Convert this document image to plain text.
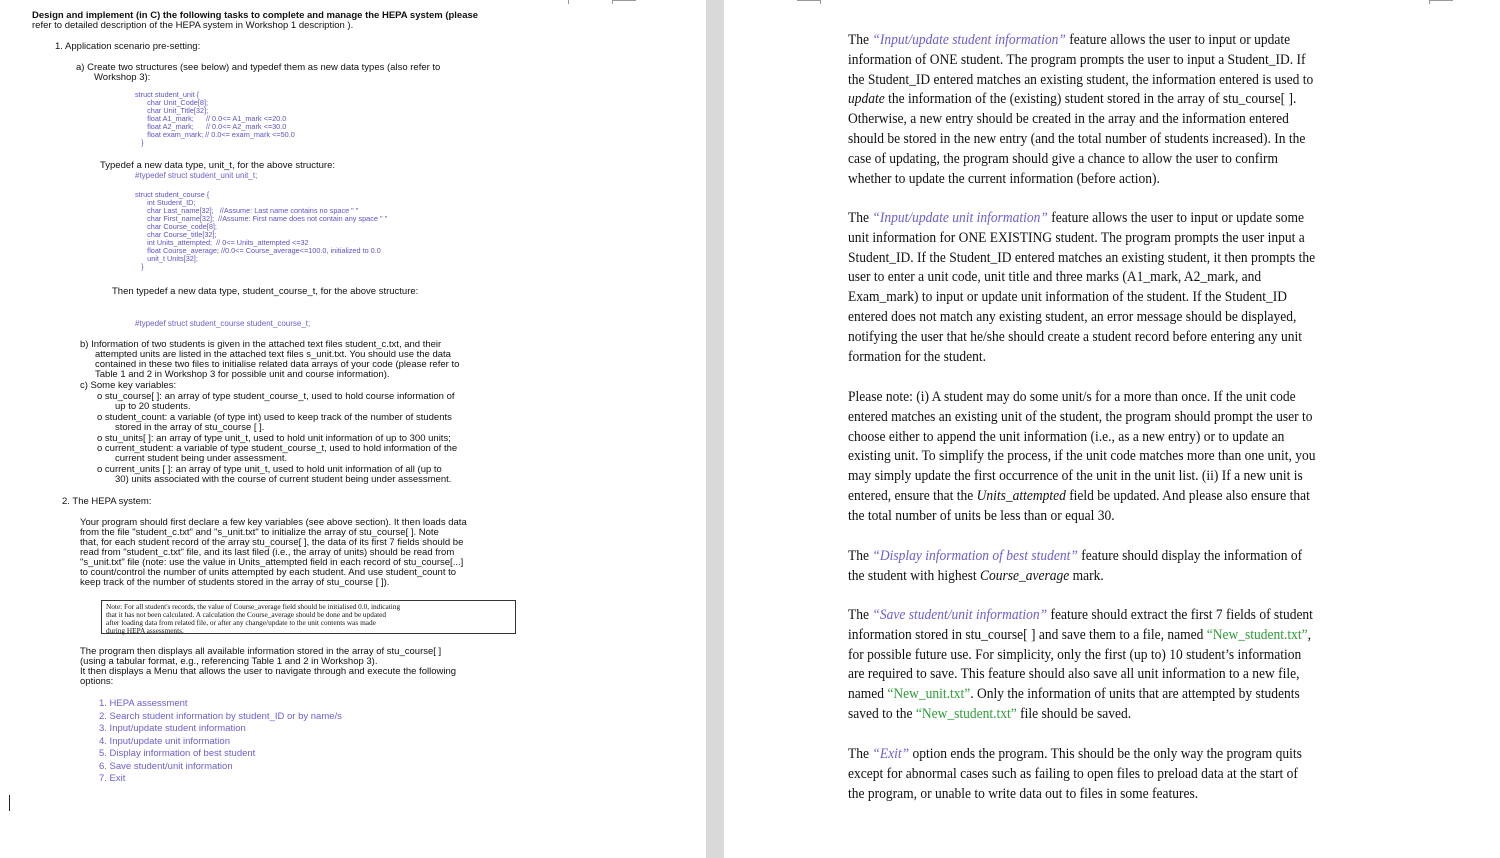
Design and implement (in C) the following tasks to complete and manage the HEPA system (please
refer to detailed description of the HEPA system in Workshop 1 description ).
1. Application scenario pre-setting:
a) Create two structures (see below) and typedef them as new data types (also refer to
Workshop 3):
struct student_unit {
char Unit_Code[8];
char Unit_Title[32];
float A1_mark;      // 0.0<= A1_mark <=20.0
float A2_mark;      // 0.0<= A2_mark <=30.0
float exam_mark; // 0.0<= exam_mark <=50.0
}
Typedef a new data type, unit_t, for the above structure:
#typedef struct student_unit unit_t;
struct student_course {
int Student_ID;
char Last_name[32];   //Assume: Last name contains no space " "
char First_name[32];  //Assume: First name does not contain any space " "
char Course_code[8];
char Course_title[32];
int Units_attempted;  // 0<= Units_attempted <=32
float Course_average; //0.0<= Course_average<=100.0, initialized to 0.0
unit_t Units[32];
}
Then typedef a new data type, student_course_t, for the above structure:
#typedef struct student_course student_course_t;
b) Information of two students is given in the attached text files student_c.txt, and their
attempted units are listed in the attached text files s_unit.txt. You should use the data
contained in these two files to initialise related data arrays of your code (please refer to
Table 1 and 2 in Workshop 3 for possible unit and course information).
c) Some key variables:
o stu_course[ ]: an array of type student_course_t, used to hold course information of
up to 20 students.
o student_count: a variable (of type int) used to keep track of the number of students
stored in the array of stu_course [ ].
o stu_units[ ]: an array of type unit_t, used to hold unit information of up to 300 units;
o current_student: a variable of type student_course_t, used to hold information of the
current student being under assessment.
o current_units [ ]: an array of type unit_t, used to hold unit information of all (up to
30) units associated with the course of current student being under assessment.
2. The HEPA system:
Your program should first declare a few key variables (see above section). It then loads data
from the file "student_c.txt" and "s_unit.txt" to initialize the array of stu_course[ ]. Note
that, for each student record of the array stu_course[ ], the data of its first 7 fields should be
read from "student_c.txt" file, and its last filed (i.e., the array of units) should be read from
"s_unit.txt" file (note: use the value in Units_attempted field in each record of stu_course[...]
to count/control the number of units attempted by each student. And use student_count to
keep track of the number of students stored in the array of stu_course [ ]).
Note: For all student's records, the value of Course_average field should be initialised 0.0, indicating
that it has not been calculated. A calculation the Course_average should be done and be updated
after loading data from related file, or after any change/update to the unit contents was made
during HEPA assessments.
The program then displays all available information stored in the array of stu_course[ ]
(using a tabular format, e.g., referencing Table 1 and 2 in Workshop 3).
It then displays a Menu that allows the user to navigate through and execute the following
options:
1. HEPA assessment
2. Search student information by student_ID or by name/s
3. Input/update student information
4. Input/update unit information
5. Display information of best student
6. Save student/unit information
7. Exit
The “Input/update student information” feature allows the user to input or update information of ONE student. The program prompts the user to input a Student_ID. If the Student_ID entered matches an existing student, the information entered is used to update the information of the (existing) student stored in the array of stu_course[ ]. Otherwise, a new entry should be created in the array and the information entered should be stored in the new entry (and the total number of students increased). In the case of updating, the program should give a chance to allow the user to confirm whether to update the current information (before action).
The “Input/update unit information” feature allows the user to input or update some unit information for ONE EXISTING student. The program prompts the user input a Student_ID. If the Student_ID entered matches an existing student, it then prompts the user to enter a unit code, unit title and three marks (A1_mark, A2_mark, and Exam_mark) to input or update unit information of the student. If the Student_ID entered does not match any existing student, an error message should be displayed, notifying the user that he/she should create a student record before entering any unit formation for the student.
Please note: (i) A student may do some unit/s for a more than once. If the unit code entered matches an existing unit of the student, the program should prompt the user to choose either to append the unit information (i.e., as a new entry) or to update an existing unit. To simplify the process, if the unit code matches more than one unit, you may simply update the first occurrence of the unit in the unit list. (ii) If a new unit is entered, ensure that the Units_attempted field be updated. And please also ensure that the total number of units be less than or equal 30.
The “Display information of best student” feature should display the information of the student with highest Course_average mark.
The “Save student/unit information” feature should extract the first 7 fields of student information stored in stu_course[ ] and save them to a file, named “New_student.txt”, for possible future use. For simplicity, only the first (up to) 10 student’s information are required to save. This feature should also save all unit information to a new file, named “New_unit.txt”. Only the information of units that are attempted by students saved to the “New_student.txt” file should be saved.
The “Exit” option ends the program. This should be the only way the program quits except for abnormal cases such as failing to open files to preload data at the start of the program, or unable to write data out to files in some features.
